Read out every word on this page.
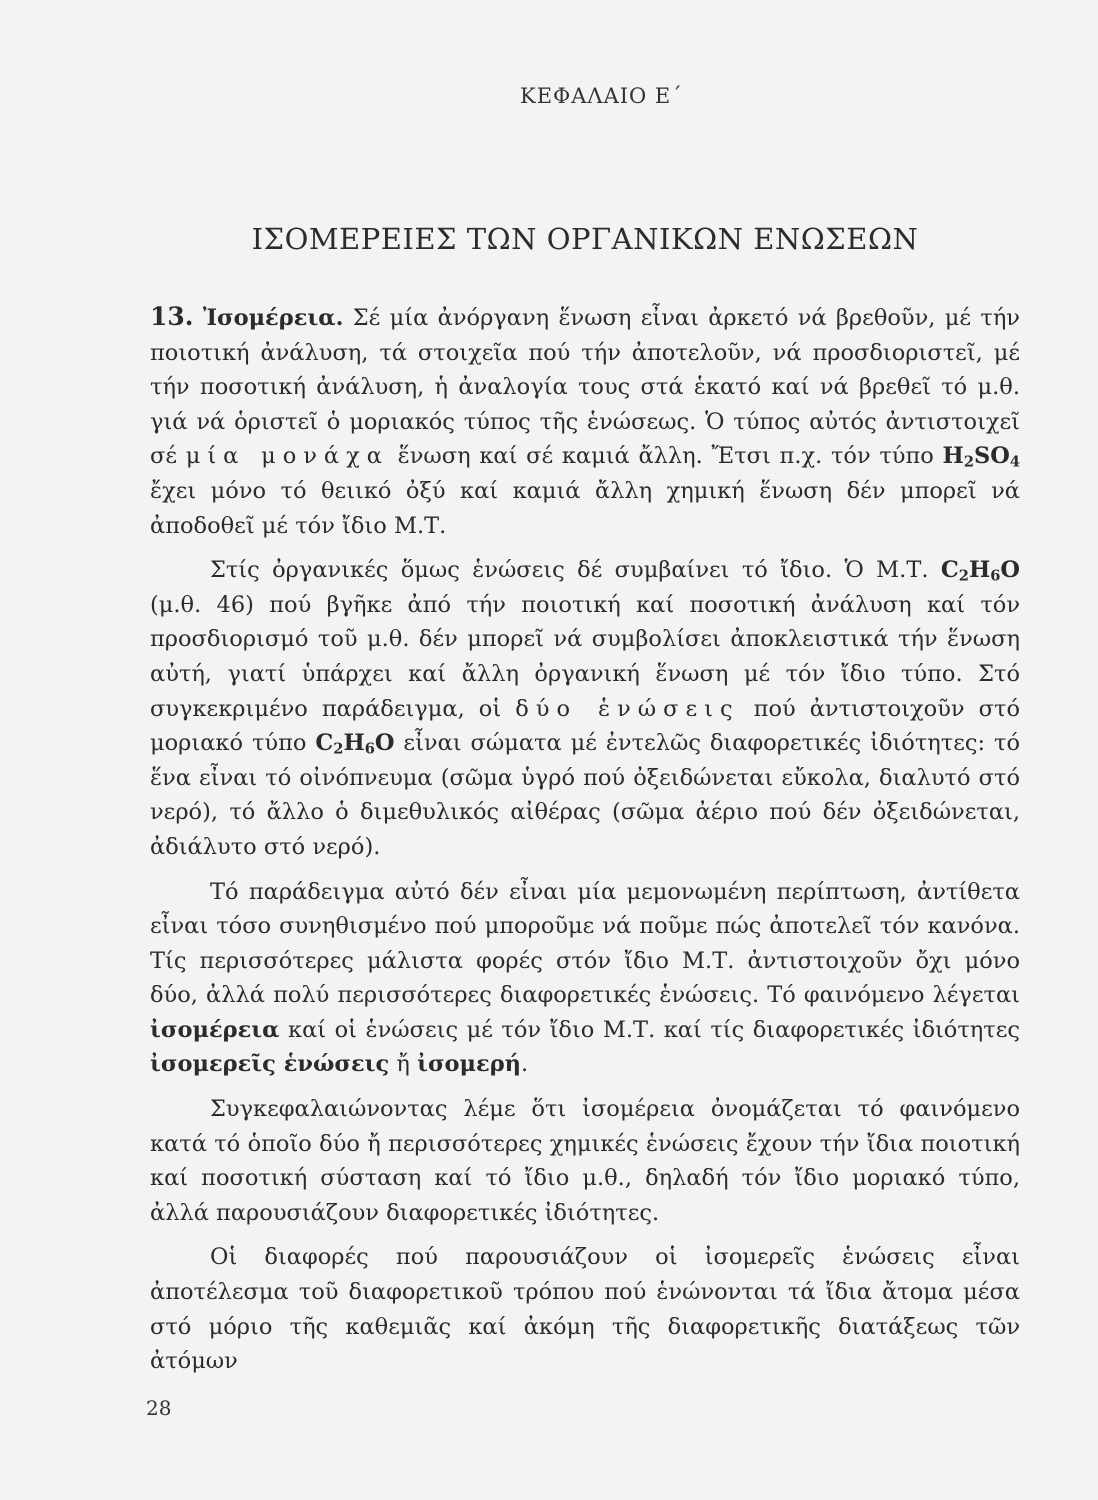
ΚΕΦΑΛΑΙΟ Ε΄
ΙΣΟΜΕΡΕΙΕΣ ΤΩΝ ΟΡΓΑΝΙΚΩΝ ΕΝΩΣΕΩΝ

13. Ἰσομέρεια. Σέ μία ἀνόργανη ἕνωση εἶναι ἀρκετό νά βρεθοῦν, μέ τήν ποιοτική ἀνάλυση, τά στοιχεῖα πού τήν ἀποτελοῦν, νά προσδιοριστεῖ, μέ τήν ποσοτική ἀνάλυση, ἡ ἀναλογία τους στά ἑκατό καί νά βρεθεῖ τό μ.θ. γιά νά ὁριστεῖ ὁ μοριακός τύπος τῆς ἑνώσεως. Ὁ τύπος αὐτός ἀντιστοιχεῖ σέ μία μονάχα ἕνωση καί σέ καμιά ἄλλη. Ἔτσι π.χ. τόν τύπο $H_2SO_4$ ἔχει μόνο τό θειικό ὀξύ καί καμιά ἄλλη χημική ἕνωση δέν μπορεῖ νά ἀποδοθεῖ μέ τόν ἴδιο Μ.Τ.

Στίς ὀργανικές ὅμως ἑνώσεις δέ συμβαίνει τό ἴδιο. Ὁ Μ.Τ. $C_2H_6O$ (μ.θ. 46) πού βγῆκε ἀπό τήν ποιοτική καί ποσοτική ἀνάλυση καί τόν προσδιορισμό τοῦ μ.θ. δέν μπορεῖ νά συμβολίσει ἀποκλειστικά τήν ἕνωση αὐτή, γιατί ὑπάρχει καί ἄλλη ὀργανική ἕνωση μέ τόν ἴδιο τύπο. Στό συγκεκριμένο παράδειγμα, οἱ δύο ἑνώσεις πού ἀντιστοιχοῦν στό μοριακό τύπο $C_2H_6O$ εἶναι σώματα μέ ἐντελῶς διαφορετικές ἰδιότητες: τό ἕνα εἶναι τό οἰνόπνευμα (σῶμα ὑγρό πού ὀξειδώνεται εὔκολα, διαλυτό στό νερό), τό ἄλλο ὁ διμεθυλικός αἰθέρας (σῶμα ἀέριο πού δέν ὀξειδώνεται, ἀδιάλυτο στό νερό).

Τό παράδειγμα αὐτό δέν εἶναι μία μεμονωμένη περίπτωση, ἀντίθετα εἶναι τόσο συνηθισμένο πού μποροῦμε νά ποῦμε πώς ἀποτελεῖ τόν κανόνα. Τίς περισσότερες μάλιστα φορές στόν ἴδιο Μ.Τ. ἀντιστοιχοῦν ὄχι μόνο δύο, ἀλλά πολύ περισσότερες διαφορετικές ἑνώσεις. Τό φαινόμενο λέγεται ἰσομέρεια καί οἱ ἑνώσεις μέ τόν ἴδιο Μ.Τ. καί τίς διαφορετικές ἰδιότητες ἰσομερεῖς ἑνώσεις ἤ ἰσομερή.

Συγκεφαλαιώνοντας λέμε ὅτι ἰσομέρεια ὀνομάζεται τό φαινόμενο κατά τό ὁποῖο δύο ἤ περισσότερες χημικές ἑνώσεις ἔχουν τήν ἴδια ποιοτική καί ποσοτική σύσταση καί τό ἴδιο μ.θ., δηλαδή τόν ἴδιο μοριακό τύπο, ἀλλά παρουσιάζουν διαφορετικές ἰδιότητες.

Οἱ διαφορές πού παρουσιάζουν οἱ ἰσομερεῖς ἑνώσεις εἶναι ἀποτέλεσμα τοῦ διαφορετικοῦ τρόπου πού ἑνώνονται τά ἴδια ἄτομα μέσα στό μόριο τῆς καθεμιᾶς καί ἀκόμη τῆς διαφορετικῆς διατάξεως τῶν ἀτόμων

28
